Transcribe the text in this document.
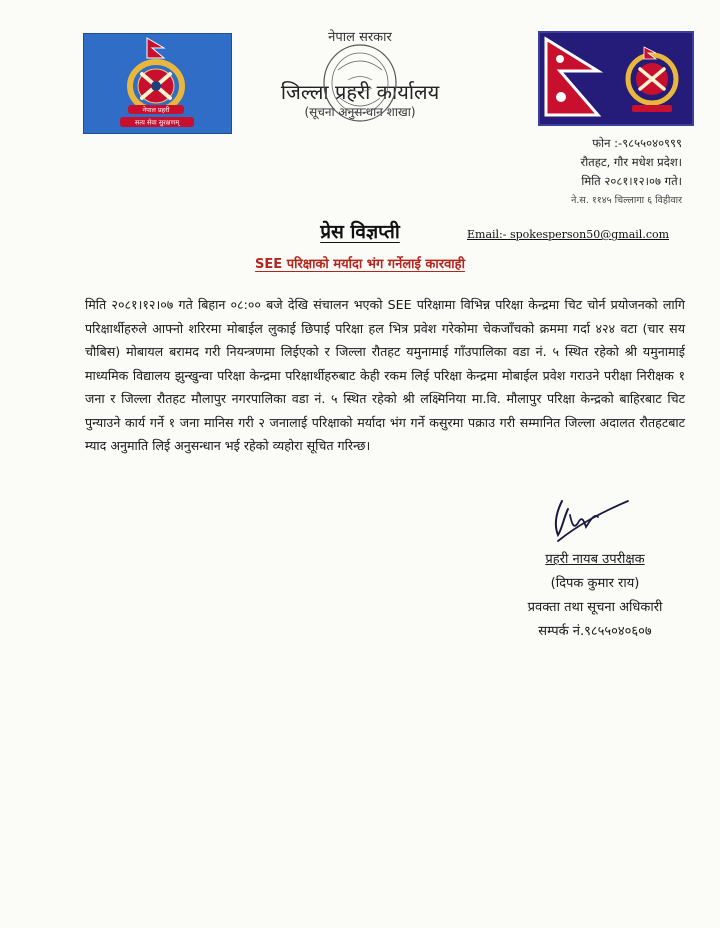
नेपाल प्रहरी
सत्य सेवा सुरक्षणम्
नेपाल सरकार
जिल्ला प्रहरी कार्यालय
(सूचना अनुसन्धान शाखा)
फोन :-९८५५०४०९९९
रौतहट, गौर मधेश प्रदेश।
मिति २०८१।१२।०७ गते।
ने.स. ११४५ चिल्लागा ६ विहीवार
प्रेस विज्ञप्ती	Email:- spokesperson50@gmail.com
SEE परिक्षाको मर्यादा भंग गर्नेलाई कारवाही
मिति २०८१।१२।०७ गते बिहान ०८:०० बजे देखि संचालन भएको SEE परिक्षामा विभिन्न परिक्षा केन्द्रमा चिट चोर्न प्रयोजनको लागि परिक्षार्थीहरुले आफ्नो शरिरमा मोबाईल लुकाई छिपाई परिक्षा हल भित्र प्रवेश गरेकोमा चेकजाँचको क्रममा गर्दा ४२४ वटा (चार सय चौबिस) मोबायल बरामद गरी नियन्त्रणमा लिईएको र जिल्ला रौतहट यमुनामाई गाँउपालिका वडा नं. ५ स्थित रहेको श्री यमुनामाई माध्यमिक विद्यालय झुन्खुन्वा परिक्षा केन्द्रमा परिक्षार्थीहरुबाट केही रकम लिई परिक्षा केन्द्रमा मोबाईल प्रवेश गराउने परीक्षा निरीक्षक १ जना र जिल्ला रौतहट मौलापुर नगरपालिका वडा नं. ५ स्थित रहेको श्री लक्ष्मिनिया मा.वि. मौलापुर परिक्षा केन्द्रको बाहिरबाट चिट पुन्याउने कार्य गर्ने १ जना मानिस गरी २ जनालाई परिक्षाको मर्यादा भंग गर्ने कसुरमा पक्राउ गरी सम्मानित जिल्ला अदालत रौतहटबाट म्याद अनुमाति लिई अनुसन्धान भई रहेको व्यहोरा सूचित गरिन्छ।
प्रहरी नायब उपरीक्षक
(दिपक कुमार राय)
प्रवक्ता तथा सूचना अधिकारी
सम्पर्क नं.९८५५०४०६०७
